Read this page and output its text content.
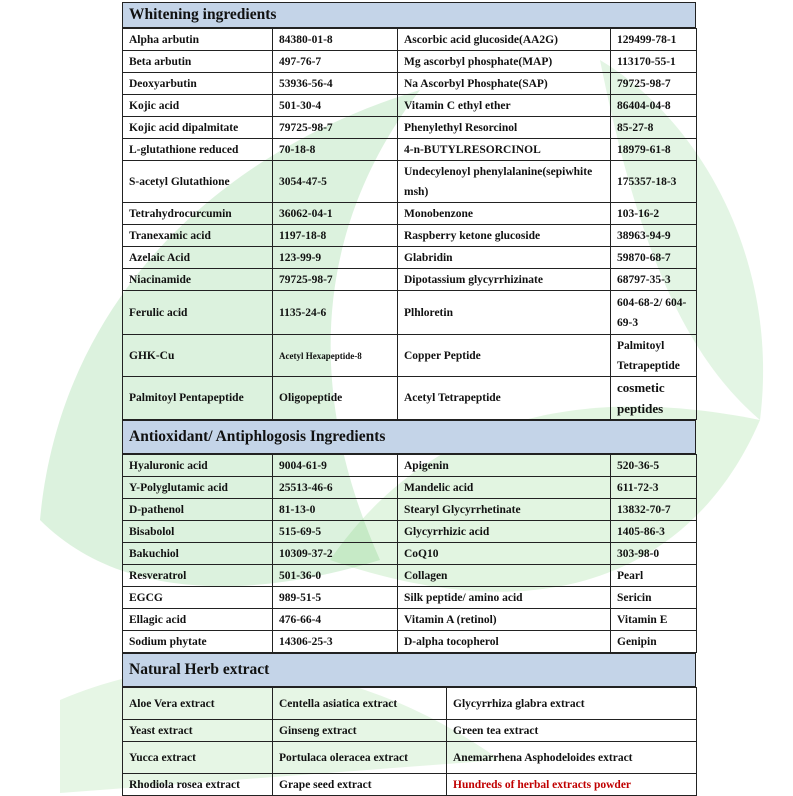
Whitening ingredients
Alpha arbutin	84380-01-8	Ascorbic acid glucoside(AA2G)	129499-78-1
Beta arbutin	497-76-7	Mg ascorbyl phosphate(MAP)	113170-55-1
Deoxyarbutin	53936-56-4	Na Ascorbyl Phosphate(SAP)	79725-98-7
Kojic acid	501-30-4	Vitamin C ethyl ether	86404-04-8
Kojic acid dipalmitate	79725-98-7	Phenylethyl Resorcinol	85-27-8
L-glutathione reduced	70-18-8	4-n-BUTYLRESORCINOL	18979-61-8
S-acetyl Glutathione	3054-47-5	Undecylenoyl phenylalanine(sepiwhite msh)	175357-18-3
Tetrahydrocurcumin	36062-04-1	Monobenzone	103-16-2
Tranexamic acid	1197-18-8	Raspberry ketone glucoside	38963-94-9
Azelaic Acid	123-99-9	Glabridin	59870-68-7
Niacinamide	79725-98-7	Dipotassium glycyrrhizinate	68797-35-3
Ferulic acid	1135-24-6	Plhloretin	604-68-2/ 604-69-3
GHK-Cu	Acetyl Hexapeptide-8	Copper Peptide	Palmitoyl Tetrapeptide
Palmitoyl Pentapeptide	Oligopeptide	Acetyl Tetrapeptide	cosmetic peptides
Antioxidant/ Antiphlogosis Ingredients
Hyaluronic acid	9004-61-9	Apigenin	520-36-5
Y-Polyglutamic acid	25513-46-6	Mandelic acid	611-72-3
D-pathenol	81-13-0	Stearyl Glycyrrhetinate	13832-70-7
Bisabolol	515-69-5	Glycyrrhizic acid	1405-86-3
Bakuchiol	10309-37-2	CoQ10	303-98-0
Resveratrol	501-36-0	Collagen	Pearl
EGCG	989-51-5	Silk peptide/ amino acid	Sericin
Ellagic acid	476-66-4	Vitamin A (retinol)	Vitamin E
Sodium phytate	14306-25-3	D-alpha tocopherol	Genipin
Natural Herb extract
Aloe Vera extract	Centella asiatica extract	Glycyrrhiza glabra extract
Yeast extract	Ginseng extract	Green tea extract
Yucca extract	Portulaca oleracea extract	Anemarrhena Asphodeloides extract
Rhodiola rosea extract	Grape seed extract	Hundreds of herbal extracts powder
